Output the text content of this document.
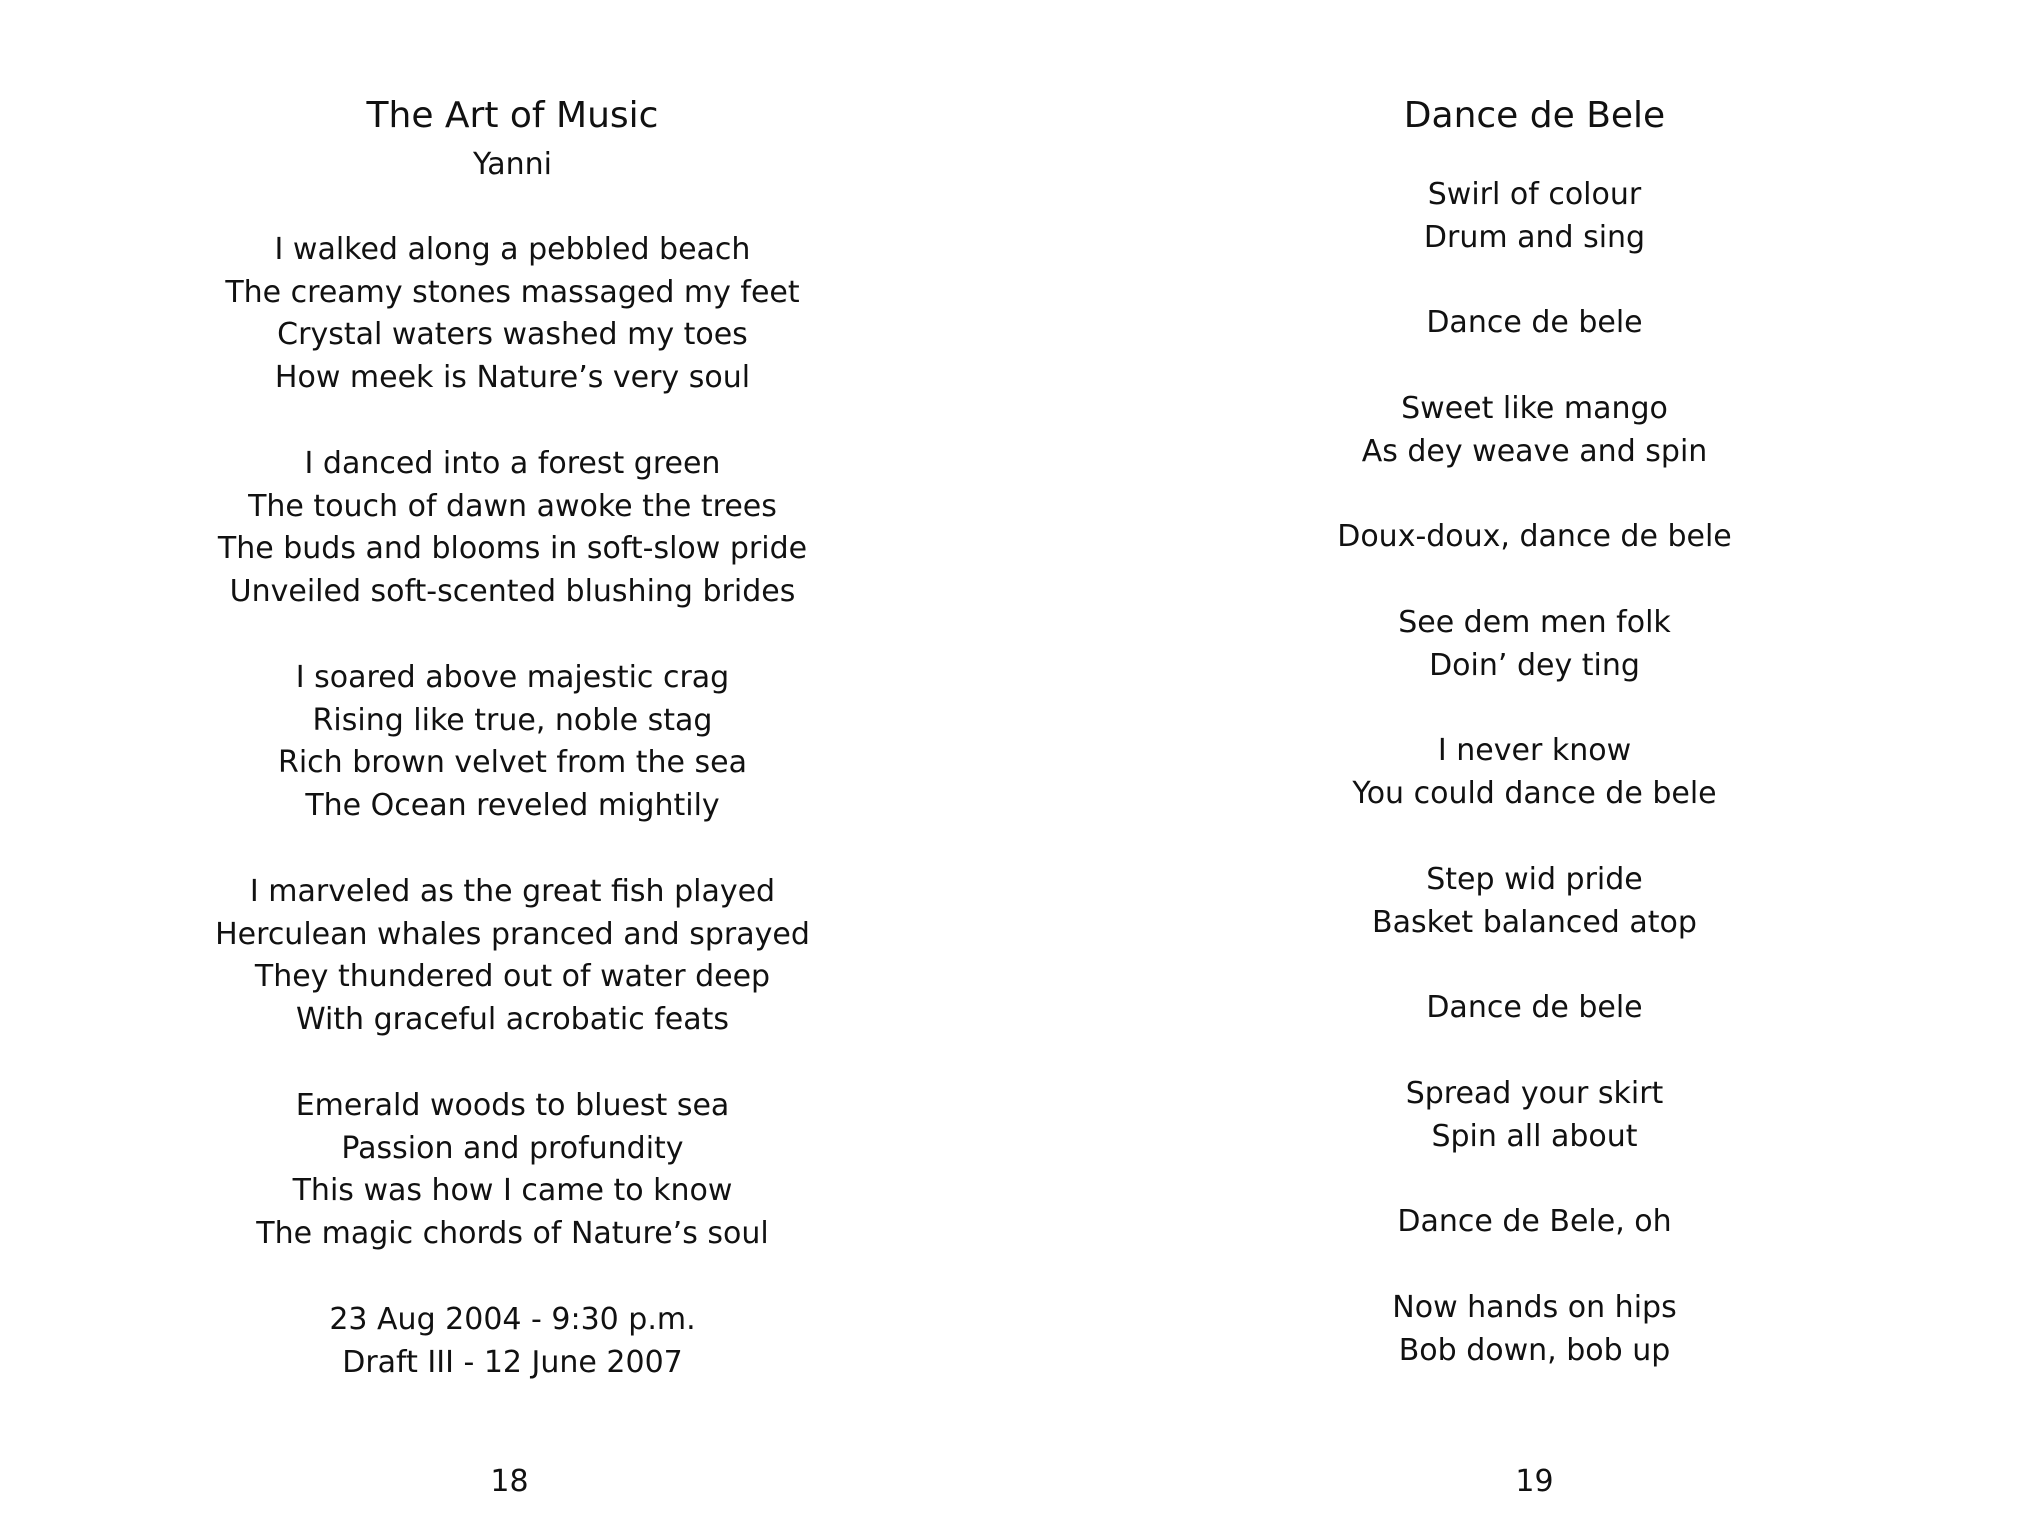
The Art of Music
Yanni
I walked along a pebbled beach
The creamy stones massaged my feet
Crystal waters washed my toes
How meek is Nature’s very soul
I danced into a forest green
The touch of dawn awoke the trees
The buds and blooms in soft-slow pride
Unveiled soft-scented blushing brides
I soared above majestic crag
Rising like true, noble stag
Rich brown velvet from the sea
The Ocean reveled mightily
I marveled as the great fish played
Herculean whales pranced and sprayed
They thundered out of water deep
With graceful acrobatic feats
Emerald woods to bluest sea
Passion and profundity
This was how I came to know
The magic chords of Nature’s soul
23 Aug 2004 - 9:30 p.m.
Draft III - 12 June 2007
18
Dance de Bele
Swirl of colour
Drum and sing
Dance de bele
Sweet like mango
As dey weave and spin
Doux-doux, dance de bele
See dem men folk
Doin’ dey ting
I never know
You could dance de bele
Step wid pride
Basket balanced atop
Dance de bele
Spread your skirt
Spin all about
Dance de Bele, oh
Now hands on hips
Bob down, bob up
19
